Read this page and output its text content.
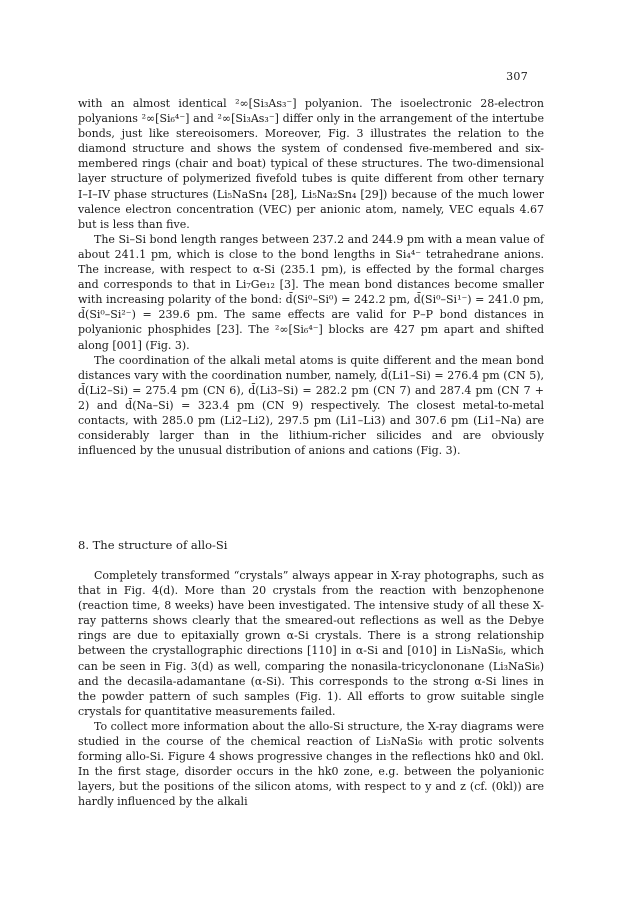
307

with an almost identical ²∞[Si₃As₃⁻] polyanion. The isoelectronic 28-electron polyanions ²∞[Si₆⁴⁻] and ²∞[Si₃As₃⁻] differ only in the arrangement of the intertube bonds, just like stereoisomers. Moreover, Fig. 3 illustrates the relation to the diamond structure and shows the system of condensed five-membered and six-membered rings (chair and boat) typical of these structures. The two-dimensional layer structure of polymerized fivefold tubes is quite different from other ternary I–I–IV phase structures (Li₅NaSn₄ [28], Li₅Na₂Sn₄ [29]) because of the much lower valence electron concentration (VEC) per anionic atom, namely, VEC equals 4.67 but is less than five.

The Si–Si bond length ranges between 237.2 and 244.9 pm with a mean value of about 241.1 pm, which is close to the bond lengths in Si₄⁴⁻ tetrahedrane anions. The increase, with respect to α-Si (235.1 pm), is effected by the formal charges and corresponds to that in Li₇Ge₁₂ [3]. The mean bond distances become smaller with increasing polarity of the bond: d̄(Si⁰–Si⁰) = 242.2 pm, d̄(Si⁰–Si¹⁻) = 241.0 pm, d̄(Si⁰–Si²⁻) = 239.6 pm. The same effects are valid for P–P bond distances in polyanionic phosphides [23]. The ²∞[Si₆⁴⁻] blocks are 427 pm apart and shifted along [001] (Fig. 3).

The coordination of the alkali metal atoms is quite different and the mean bond distances vary with the coordination number, namely, d̄(Li1–Si) = 276.4 pm (CN 5), d̄(Li2–Si) = 275.4 pm (CN 6), d̄(Li3–Si) = 282.2 pm (CN 7) and 287.4 pm (CN 7 + 2) and d̄(Na–Si) = 323.4 pm (CN 9) respectively. The closest metal-to-metal contacts, with 285.0 pm (Li2–Li2), 297.5 pm (Li1–Li3) and 307.6 pm (Li1–Na) are considerably larger than in the lithium-richer silicides and are obviously influenced by the unusual distribution of anions and cations (Fig. 3).

8. The structure of allo-Si

Completely transformed “crystals” always appear in X-ray photographs, such as that in Fig. 4(d). More than 20 crystals from the reaction with benzophenone (reaction time, 8 weeks) have been investigated. The intensive study of all these X-ray patterns shows clearly that the smeared-out reflections as well as the Debye rings are due to epitaxially grown α-Si crystals. There is a strong relationship between the crystallographic directions [110] in α-Si and [010] in Li₃NaSi₆, which can be seen in Fig. 3(d) as well, comparing the nonasila-tricyclononane (Li₃NaSi₆) and the decasila-adamantane (α-Si). This corresponds to the strong α-Si lines in the powder pattern of such samples (Fig. 1). All efforts to grow suitable single crystals for quantitative measurements failed.

To collect more information about the allo-Si structure, the X-ray diagrams were studied in the course of the chemical reaction of Li₃NaSi₆ with protic solvents forming allo-Si. Figure 4 shows progressive changes in the reflections hk0 and 0kl. In the first stage, disorder occurs in the hk0 zone, e.g. between the polyanionic layers, but the positions of the silicon atoms, with respect to y and z (cf. (0kl)) are hardly influenced by the alkali
